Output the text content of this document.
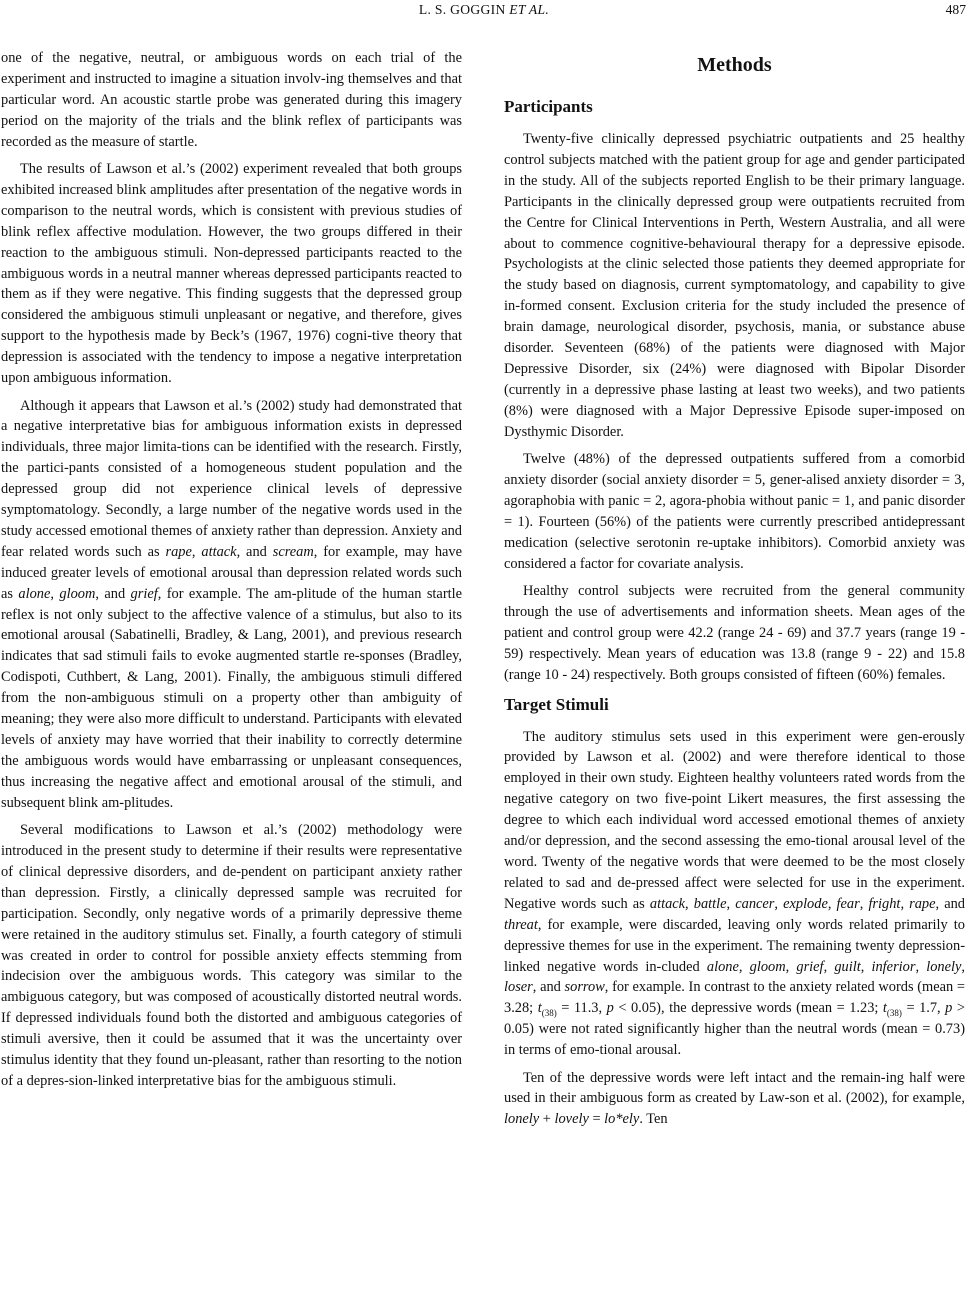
L. S. GOGGIN ET AL.	487

one of the negative, neutral, or ambiguous words on each trial of the experiment and instructed to imagine a situation involv-ing themselves and that particular word. An acoustic startle probe was generated during this imagery period on the majority of the trials and the blink reflex of participants was recorded as the measure of startle.

The results of Lawson et al.’s (2002) experiment revealed that both groups exhibited increased blink amplitudes after presentation of the negative words in comparison to the neutral words, which is consistent with previous studies of blink reflex affective modulation. However, the two groups differed in their reaction to the ambiguous stimuli. Non-depressed participants reacted to the ambiguous words in a neutral manner whereas depressed participants reacted to them as if they were negative. This finding suggests that the depressed group considered the ambiguous stimuli unpleasant or negative, and therefore, gives support to the hypothesis made by Beck’s (1967, 1976) cogni-tive theory that depression is associated with the tendency to impose a negative interpretation upon ambiguous information.

Although it appears that Lawson et al.’s (2002) study had demonstrated that a negative interpretative bias for ambiguous information exists in depressed individuals, three major limita-tions can be identified with the research. Firstly, the partici-pants consisted of a homogeneous student population and the depressed group did not experience clinical levels of depressive symptomatology. Secondly, a large number of the negative words used in the study accessed emotional themes of anxiety rather than depression. Anxiety and fear related words such as rape, attack, and scream, for example, may have induced greater levels of emotional arousal than depression related words such as alone, gloom, and grief, for example. The am-plitude of the human startle reflex is not only subject to the affective valence of a stimulus, but also to its emotional arousal (Sabatinelli, Bradley, & Lang, 2001), and previous research indicates that sad stimuli fails to evoke augmented startle re-sponses (Bradley, Codispoti, Cuthbert, & Lang, 2001). Finally, the ambiguous stimuli differed from the non-ambiguous stimuli on a property other than ambiguity of meaning; they were also more difficult to understand. Participants with elevated levels of anxiety may have worried that their inability to correctly determine the ambiguous words would have embarrassing or unpleasant consequences, thus increasing the negative affect and emotional arousal of the stimuli, and subsequent blink am-plitudes.

Several modifications to Lawson et al.’s (2002) methodology were introduced in the present study to determine if their results were representative of clinical depressive disorders, and de-pendent on participant anxiety rather than depression. Firstly, a clinically depressed sample was recruited for participation. Secondly, only negative words of a primarily depressive theme were retained in the auditory stimulus set. Finally, a fourth category of stimuli was created in order to control for possible anxiety effects stemming from indecision over the ambiguous words. This category was similar to the ambiguous category, but was composed of acoustically distorted neutral words. If depressed individuals found both the distorted and ambiguous categories of stimuli aversive, then it could be assumed that it was the uncertainty over stimulus identity that they found un-pleasant, rather than resorting to the notion of a depres-sion-linked interpretative bias for the ambiguous stimuli.

Methods
Participants

Twenty-five clinically depressed psychiatric outpatients and 25 healthy control subjects matched with the patient group for age and gender participated in the study. All of the subjects reported English to be their primary language. Participants in the clinically depressed group were outpatients recruited from the Centre for Clinical Interventions in Perth, Western Australia, and all were about to commence cognitive-behavioural therapy for a depressive episode. Psychologists at the clinic selected those patients they deemed appropriate for the study based on diagnosis, current symptomatology, and capability to give in-formed consent. Exclusion criteria for the study included the presence of brain damage, neurological disorder, psychosis, mania, or substance abuse disorder. Seventeen (68%) of the patients were diagnosed with Major Depressive Disorder, six (24%) were diagnosed with Bipolar Disorder (currently in a depressive phase lasting at least two weeks), and two patients (8%) were diagnosed with a Major Depressive Episode super-imposed on Dysthymic Disorder.

Twelve (48%) of the depressed outpatients suffered from a comorbid anxiety disorder (social anxiety disorder = 5, gener-alised anxiety disorder = 3, agoraphobia with panic = 2, agora-phobia without panic = 1, and panic disorder = 1). Fourteen (56%) of the patients were currently prescribed antidepressant medication (selective serotonin re-uptake inhibitors). Comorbid anxiety was considered a factor for covariate analysis.

Healthy control subjects were recruited from the general community through the use of advertisements and information sheets. Mean ages of the patient and control group were 42.2 (range 24 - 69) and 37.7 years (range 19 - 59) respectively. Mean years of education was 13.8 (range 9 - 22) and 15.8 (range 10 - 24) respectively. Both groups consisted of fifteen (60%) females.

Target Stimuli

The auditory stimulus sets used in this experiment were gen-erously provided by Lawson et al. (2002) and were therefore identical to those employed in their own study. Eighteen healthy volunteers rated words from the negative category on two five-point Likert measures, the first assessing the degree to which each individual word accessed emotional themes of anxiety and/or depression, and the second assessing the emo-tional arousal level of the word. Twenty of the negative words that were deemed to be the most closely related to sad and de-pressed affect were selected for use in the experiment. Negative words such as attack, battle, cancer, explode, fear, fright, rape, and threat, for example, were discarded, leaving only words related primarily to depressive themes for use in the experiment. The remaining twenty depression-linked negative words in-cluded alone, gloom, grief, guilt, inferior, lonely, loser, and sorrow, for example. In contrast to the anxiety related words (mean = 3.28; $t_{(38)} = 11.3$, p < 0.05), the depressive words (mean = 1.23; $t_{(38)} = 1.7$, p > 0.05) were not rated significantly higher than the neutral words (mean = 0.73) in terms of emo-tional arousal.

Ten of the depressive words were left intact and the remain-ing half were used in their ambiguous form as created by Law-son et al. (2002), for example, lonely + lovely = lo*ely. Ten
